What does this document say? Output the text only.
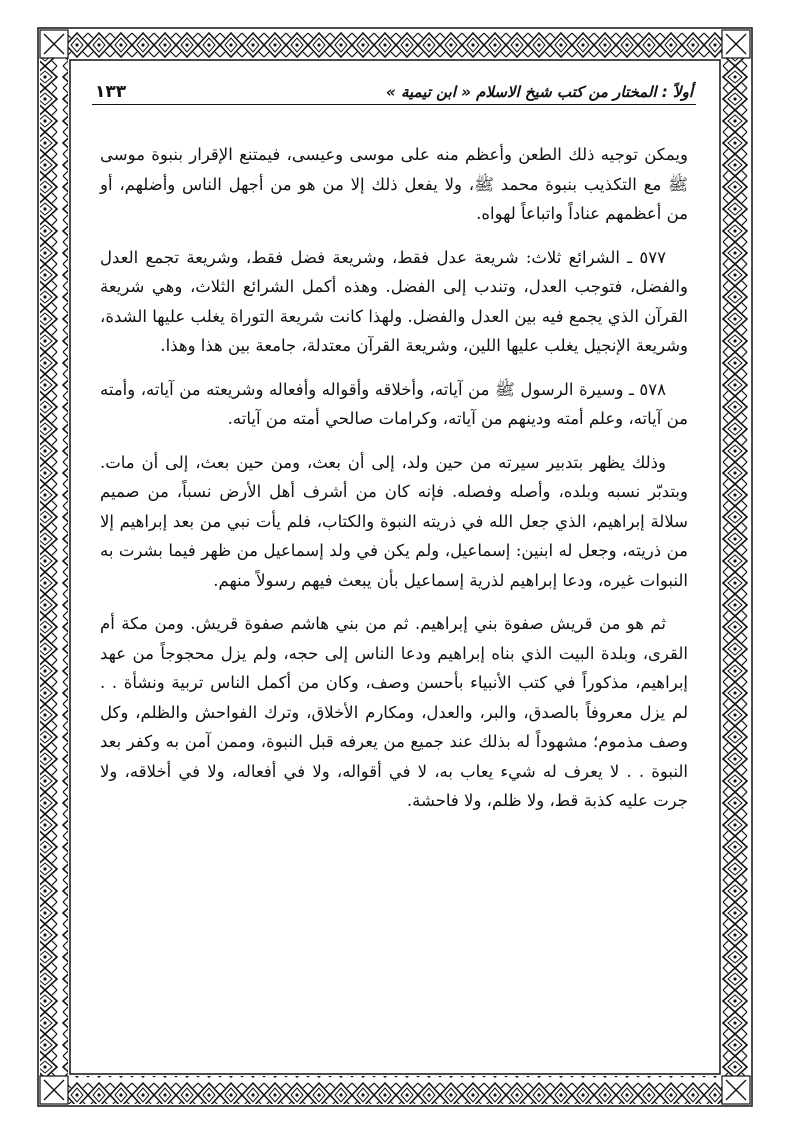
أولاً : المختار من كتب شيخ الاسلام « ابن تيمية »
١٣٣

ويمكن توجيه ذلك الطعن وأعظم منه على موسى وعيسى، فيمتنع الإقرار بنبوة موسى ﷺ مع التكذيب بنبوة محمد ﷺ، ولا يفعل ذلك إلا من هو من أجهل الناس وأضلهم، أو من أعظمهم عناداً واتباعاً لهواه.

٥٧٧ ـ الشرائع ثلاث: شريعة عدل فقط، وشريعة فضل فقط، وشريعة تجمع العدل والفضل، فتوجب العدل، وتندب إلى الفضل. وهذه أكمل الشرائع الثلاث، وهي شريعة القرآن الذي يجمع فيه بين العدل والفضل. ولهذا كانت شريعة التوراة يغلب عليها الشدة، وشريعة الإنجيل يغلب عليها اللين، وشريعة القرآن معتدلة، جامعة بين هذا وهذا.

٥٧٨ ـ وسيرة الرسول ﷺ من آياته، وأخلاقه وأقواله وأفعاله وشريعته من آياته، وأمته من آياته، وعلم أمته ودينهم من آياته، وكرامات صالحي أمته من آياته.

وذلك يظهر بتدبير سيرته من حين ولد، إلى أن بعث، ومن حين بعث، إلى أن مات. وبتدبّر نسبه وبلده، وأصله وفصله. فإنه كان من أشرف أهل الأرض نسباً، من صميم سلالة إبراهيم، الذي جعل الله في ذريته النبوة والكتاب، فلم يأت نبي من بعد إبراهيم إلا من ذريته، وجعل له ابنين: إسماعيل، ولم يكن في ولد إسماعيل من ظهر فيما بشرت به النبوات غيره، ودعا إبراهيم لذرية إسماعيل بأن يبعث فيهم رسولاً منهم.

ثم هو من قريش صفوة بني إبراهيم. ثم من بني هاشم صفوة قريش. ومن مكة أم القرى، وبلدة البيت الذي بناه إبراهيم ودعا الناس إلى حجه، ولم يزل محجوجاً من عهد إبراهيم، مذكوراً في كتب الأنبياء بأحسن وصف، وكان من أكمل الناس تربية ونشأة . . لم يزل معروفاً بالصدق، والبر، والعدل، ومكارم الأخلاق، وترك الفواحش والظلم، وكل وصف مذموم؛ مشهوداً له بذلك عند جميع من يعرفه قبل النبوة، وممن آمن به وكفر بعد النبوة . . لا يعرف له شيء يعاب به، لا في أقواله، ولا في أفعاله، ولا في أخلاقه، ولا جرت عليه كذبة قط، ولا ظلم، ولا فاحشة.
